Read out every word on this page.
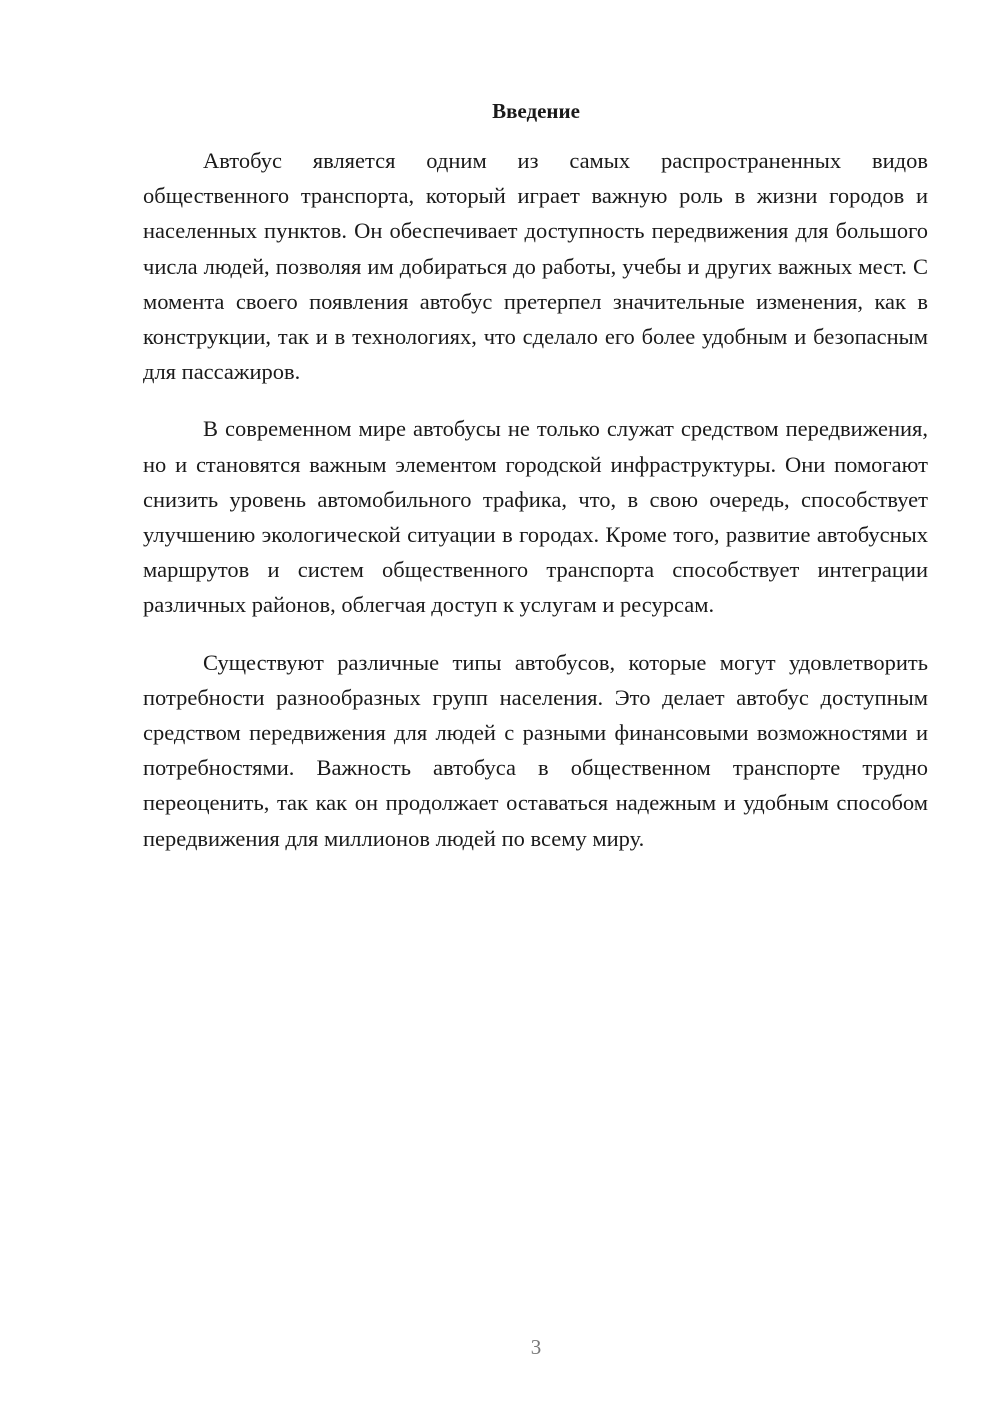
Введение

Автобус является одним из самых распространенных видов общественного транспорта, который играет важную роль в жизни городов и населенных пунктов. Он обеспечивает доступность передвижения для большого числа людей, позволяя им добираться до работы, учебы и других важных мест. С момента своего появления автобус претерпел значительные изменения, как в конструкции, так и в технологиях, что сделало его более удобным и безопасным для пассажиров.

В современном мире автобусы не только служат средством передвижения, но и становятся важным элементом городской инфраструктуры. Они помогают снизить уровень автомобильного трафика, что, в свою очередь, способствует улучшению экологической ситуации в городах. Кроме того, развитие автобусных маршрутов и систем общественного транспорта способствует интеграции различных районов, облегчая доступ к услугам и ресурсам.

Существуют различные типы автобусов, которые могут удовлетворить потребности разнообразных групп населения. Это делает автобус доступным средством передвижения для людей с разными финансовыми возможностями и потребностями. Важность автобуса в общественном транспорте трудно переоценить, так как он продолжает оставаться надежным и удобным способом передвижения для миллионов людей по всему миру.

3
